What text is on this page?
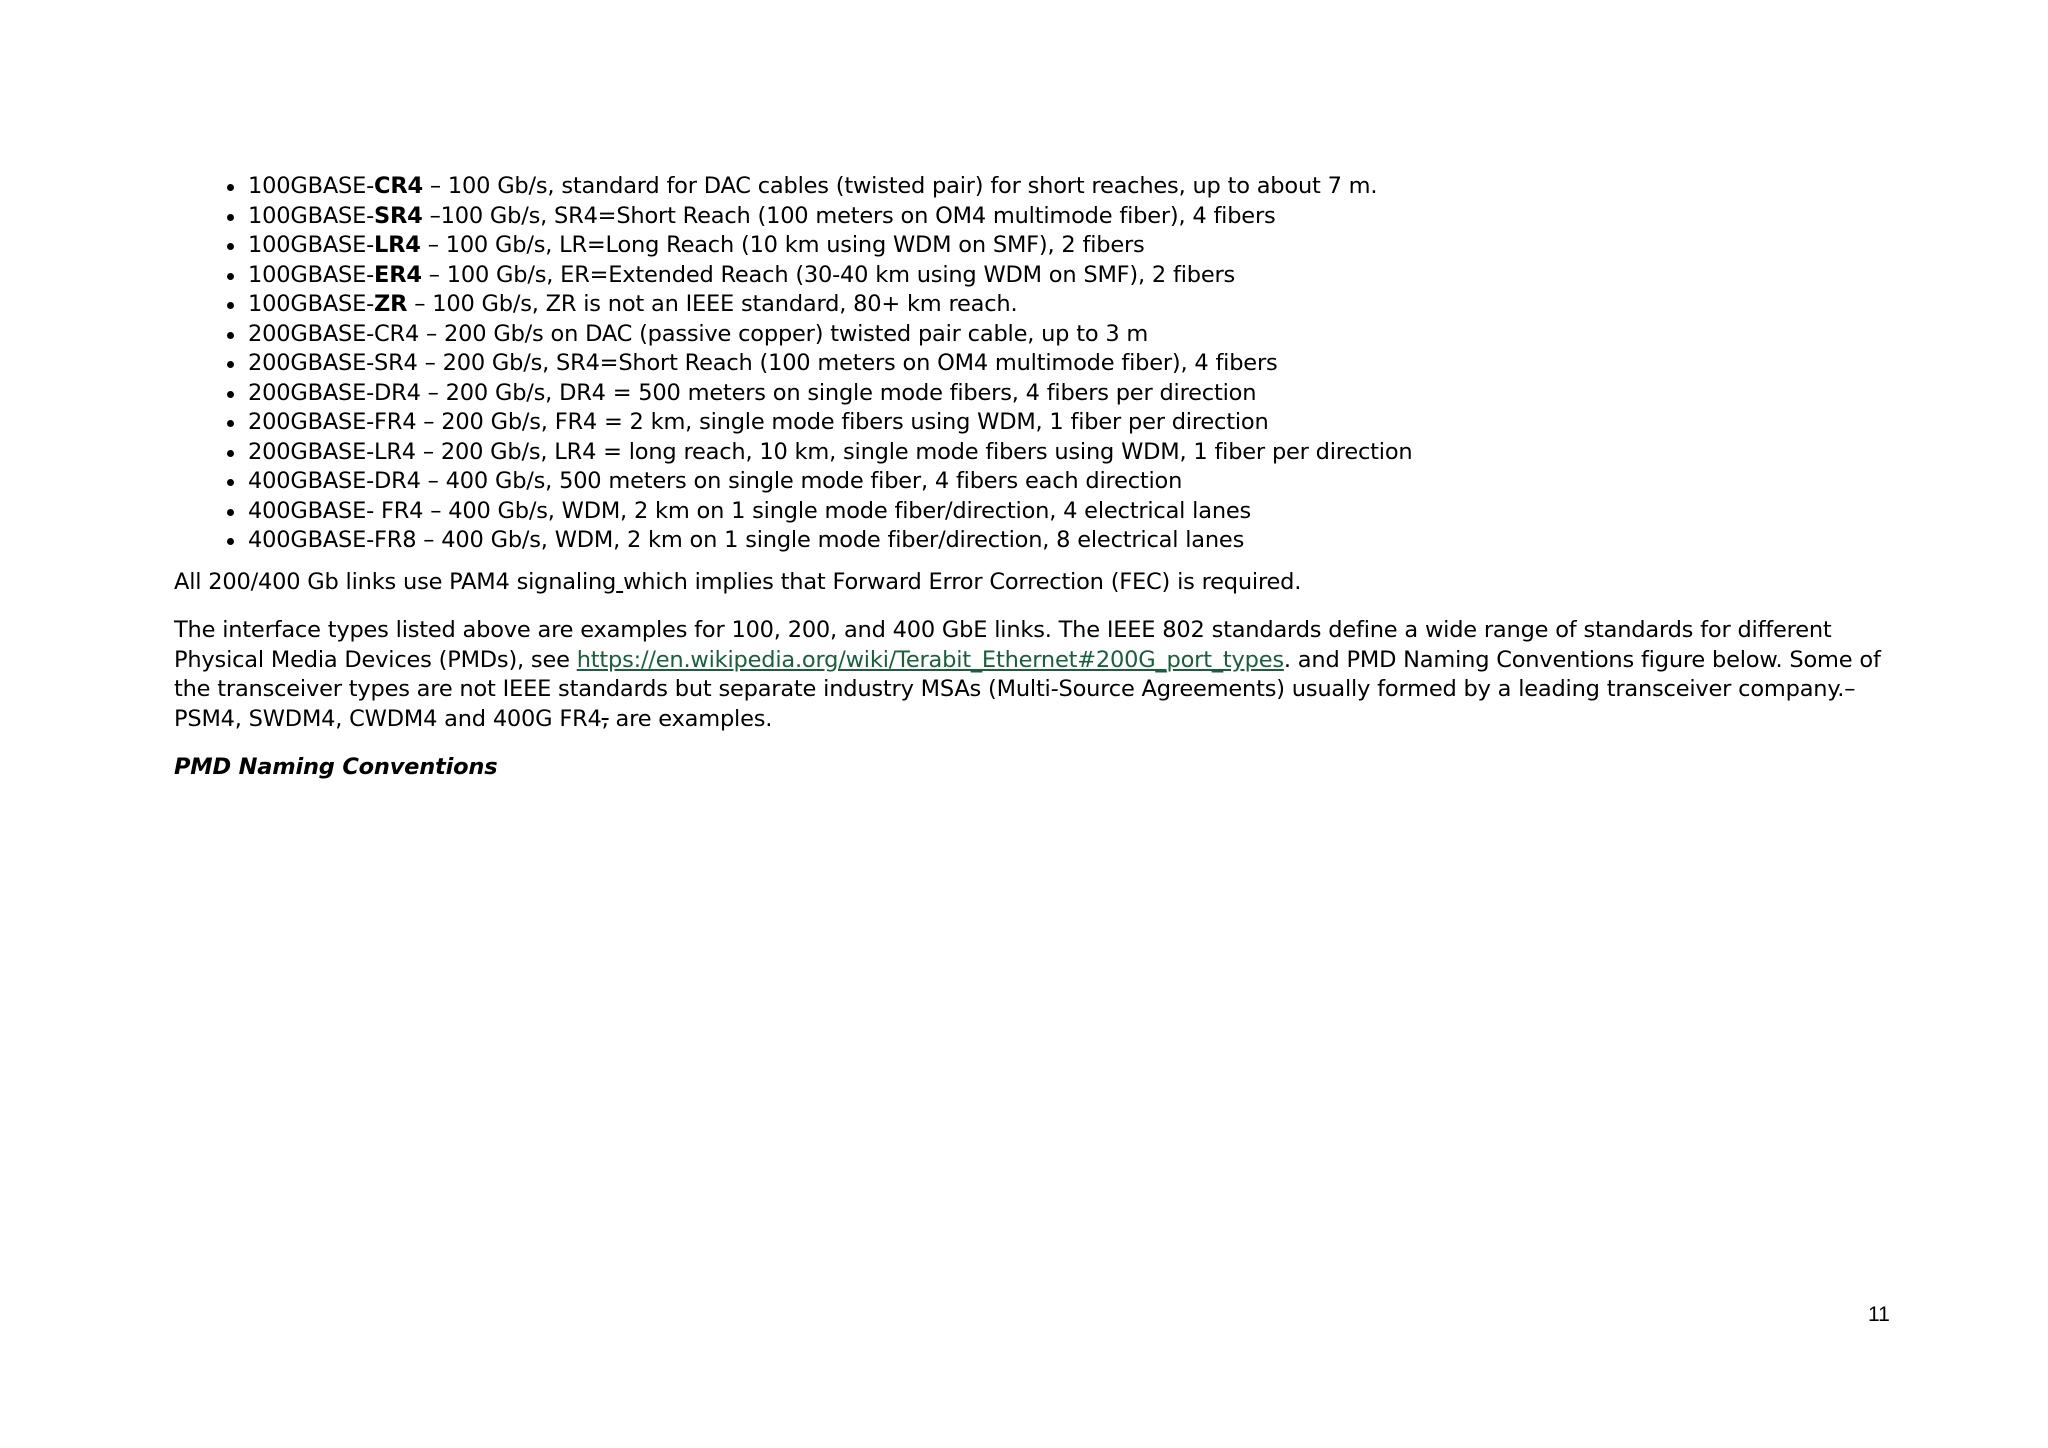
100GBASE-CR4 – 100 Gb/s, standard for DAC cables (twisted pair) for short reaches, up to about 7 m.
100GBASE-SR4 –100 Gb/s, SR4=Short Reach (100 meters on OM4 multimode fiber), 4 fibers
100GBASE-LR4 – 100 Gb/s, LR=Long Reach (10 km using WDM on SMF), 2 fibers
100GBASE-ER4 – 100 Gb/s, ER=Extended Reach (30-40 km using WDM on SMF), 2 fibers
100GBASE-ZR – 100 Gb/s, ZR is not an IEEE standard, 80+ km reach.
200GBASE-CR4 – 200 Gb/s on DAC (passive copper) twisted pair cable, up to 3 m
200GBASE-SR4 – 200 Gb/s, SR4=Short Reach (100 meters on OM4 multimode fiber), 4 fibers
200GBASE-DR4 – 200 Gb/s, DR4 = 500 meters on single mode fibers, 4 fibers per direction
200GBASE-FR4 – 200 Gb/s, FR4 = 2 km, single mode fibers using WDM, 1 fiber per direction
200GBASE-LR4 – 200 Gb/s, LR4 = long reach, 10 km, single mode fibers using WDM, 1 fiber per direction
400GBASE-DR4 – 400 Gb/s, 500 meters on single mode fiber, 4 fibers each direction
400GBASE- FR4 – 400 Gb/s, WDM, 2 km on 1 single mode fiber/direction, 4 electrical lanes
400GBASE-FR8 – 400 Gb/s, WDM, 2 km on 1 single mode fiber/direction, 8 electrical lanes

All 200/400 Gb links use PAM4 signaling which implies that Forward Error Correction (FEC) is required.

The interface types listed above are examples for 100, 200, and 400 GbE links. The IEEE 802 standards define a wide range of standards for different Physical Media Devices (PMDs), see https://en.wikipedia.org/wiki/Terabit_Ethernet#200G_port_types. and PMD Naming Conventions figure below. Some of the transceiver types are not IEEE standards but separate industry MSAs (Multi-Source Agreements) usually formed by a leading transceiver company.– PSM4, SWDM4, CWDM4 and 400G FR4, are examples.

PMD Naming Conventions

11
